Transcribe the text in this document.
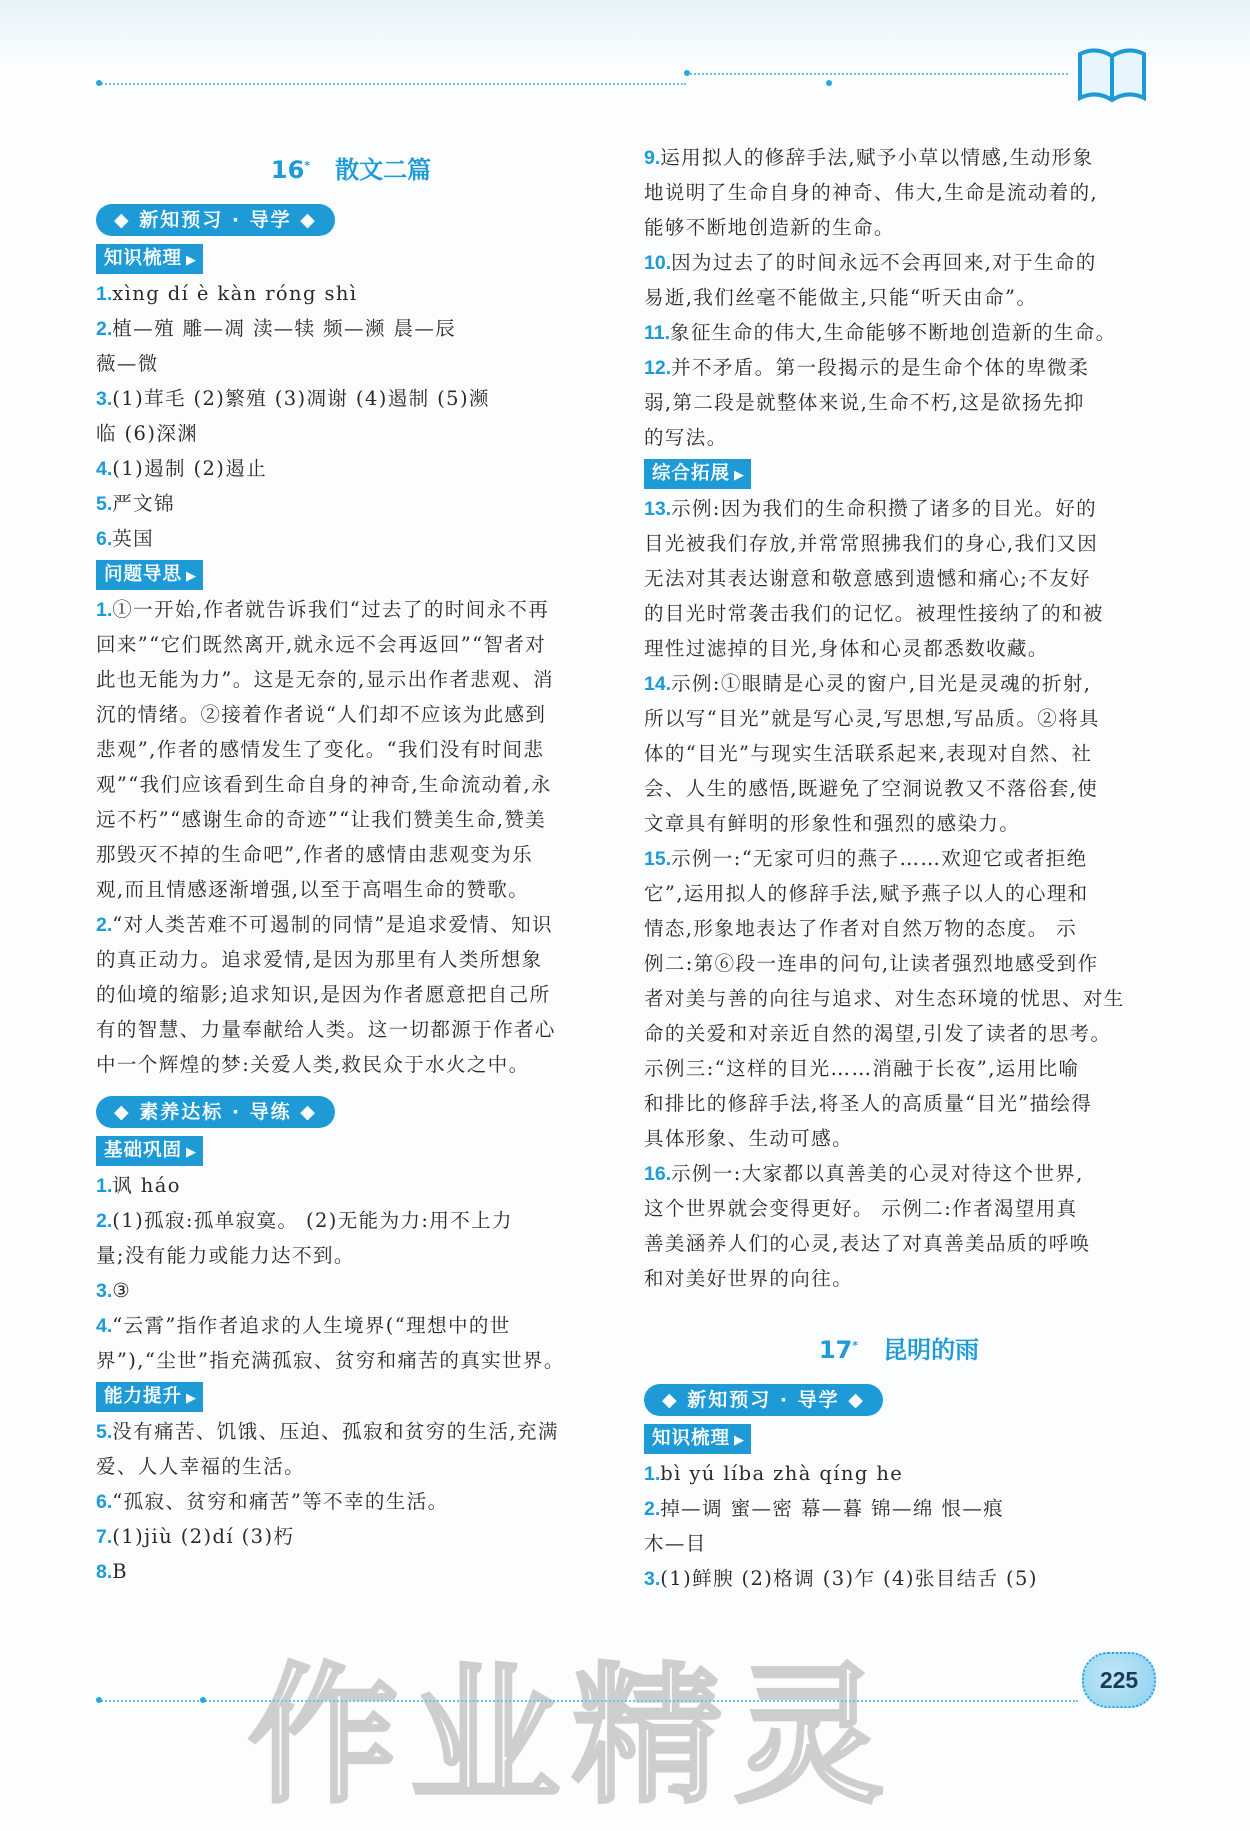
16* 散文二篇
◆ 新知预习 · 导学 ◆
知识梳理 ▶
1.xìng dí è kàn róng shì
2.植—殖 雕—凋 渎—犊 频—濒 晨—辰
薇—微
3.(1)茸毛 (2)繁殖 (3)凋谢 (4)遏制 (5)濒
临 (6)深渊
4.(1)遏制 (2)遏止
5.严文锦
6.英国
问题导思 ▶
1.①一开始,作者就告诉我们“过去了的时间永不再
回来”“它们既然离开,就永远不会再返回”“智者对
此也无能为力”。这是无奈的,显示出作者悲观、消
沉的情绪。②接着作者说“人们却不应该为此感到
悲观”,作者的感情发生了变化。“我们没有时间悲
观”“我们应该看到生命自身的神奇,生命流动着,永
远不朽”“感谢生命的奇迹”“让我们赞美生命,赞美
那毁灭不掉的生命吧”,作者的感情由悲观变为乐
观,而且情感逐渐增强,以至于高唱生命的赞歌。
2.“对人类苦难不可遏制的同情”是追求爱情、知识
的真正动力。追求爱情,是因为那里有人类所想象
的仙境的缩影;追求知识,是因为作者愿意把自己所
有的智慧、力量奉献给人类。这一切都源于作者心
中一个辉煌的梦:关爱人类,救民众于水火之中。
◆ 素养达标 · 导练 ◆
基础巩固 ▶
1.讽 háo
2.(1)孤寂:孤单寂寞。 (2)无能为力:用不上力
量;没有能力或能力达不到。
3.③
4.“云霄”指作者追求的人生境界(“理想中的世
界”),“尘世”指充满孤寂、贫穷和痛苦的真实世界。
能力提升 ▶
5.没有痛苦、饥饿、压迫、孤寂和贫穷的生活,充满
爱、人人幸福的生活。
6.“孤寂、贫穷和痛苦”等不幸的生活。
7.(1)jiù (2)dí (3)朽
8.B
9.运用拟人的修辞手法,赋予小草以情感,生动形象
地说明了生命自身的神奇、伟大,生命是流动着的,
能够不断地创造新的生命。
10.因为过去了的时间永远不会再回来,对于生命的
易逝,我们丝毫不能做主,只能“听天由命”。
11.象征生命的伟大,生命能够不断地创造新的生命。
12.并不矛盾。第一段揭示的是生命个体的卑微柔
弱,第二段是就整体来说,生命不朽,这是欲扬先抑
的写法。
综合拓展 ▶
13.示例:因为我们的生命积攒了诸多的目光。好的
目光被我们存放,并常常照拂我们的身心,我们又因
无法对其表达谢意和敬意感到遗憾和痛心;不友好
的目光时常袭击我们的记忆。被理性接纳了的和被
理性过滤掉的目光,身体和心灵都悉数收藏。
14.示例:①眼睛是心灵的窗户,目光是灵魂的折射,
所以写“目光”就是写心灵,写思想,写品质。②将具
体的“目光”与现实生活联系起来,表现对自然、社
会、人生的感悟,既避免了空洞说教又不落俗套,使
文章具有鲜明的形象性和强烈的感染力。
15.示例一:“无家可归的燕子……欢迎它或者拒绝
它”,运用拟人的修辞手法,赋予燕子以人的心理和
情态,形象地表达了作者对自然万物的态度。 示
例二:第⑥段一连串的问句,让读者强烈地感受到作
者对美与善的向往与追求、对生态环境的忧思、对生
命的关爱和对亲近自然的渴望,引发了读者的思考。
示例三:“这样的目光……消融于长夜”,运用比喻
和排比的修辞手法,将圣人的高质量“目光”描绘得
具体形象、生动可感。
16.示例一:大家都以真善美的心灵对待这个世界,
这个世界就会变得更好。 示例二:作者渴望用真
善美涵养人们的心灵,表达了对真善美品质的呼唤
和对美好世界的向往。
17* 昆明的雨
◆ 新知预习 · 导学 ◆
知识梳理 ▶
1.bì yú líba zhà qíng he
2.掉—调 蜜—密 幕—暮 锦—绵 恨—痕
木—目
3.(1)鲜腴 (2)格调 (3)乍 (4)张目结舌 (5)
作业精灵	225
